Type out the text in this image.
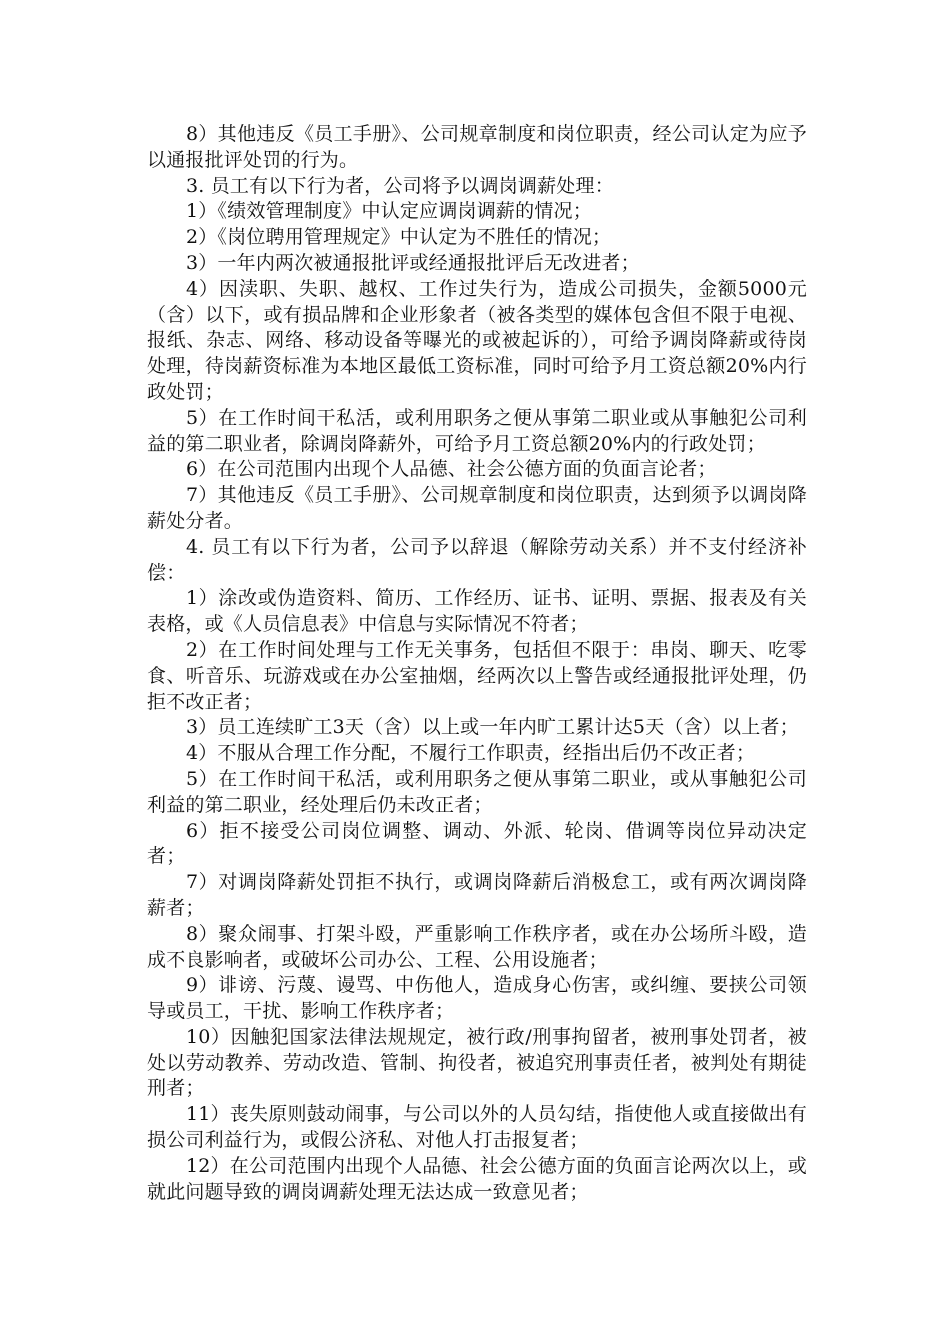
8）其他违反《员工手册》、公司规章制度和岗位职责，经公司认定为应予以通报批评处罚的行为。

3. 员工有以下行为者，公司将予以调岗调薪处理：

1）《绩效管理制度》中认定应调岗调薪的情况；

2）《岗位聘用管理规定》中认定为不胜任的情况；

3）一年内两次被通报批评或经通报批评后无改进者；

4）因渎职、失职、越权、工作过失行为，造成公司损失，金额5000元（含）以下，或有损品牌和企业形象者（被各类型的媒体包含但不限于电视、报纸、杂志、网络、移动设备等曝光的或被起诉的），可给予调岗降薪或待岗处理，待岗薪资标准为本地区最低工资标准，同时可给予月工资总额20%内行政处罚；

5）在工作时间干私活，或利用职务之便从事第二职业或从事触犯公司利益的第二职业者，除调岗降薪外，可给予月工资总额20%内的行政处罚；

6）在公司范围内出现个人品德、社会公德方面的负面言论者；

7）其他违反《员工手册》、公司规章制度和岗位职责，达到须予以调岗降薪处分者。

4. 员工有以下行为者，公司予以辞退（解除劳动关系）并不支付经济补偿：

1）涂改或伪造资料、简历、工作经历、证书、证明、票据、报表及有关表格，或《人员信息表》中信息与实际情况不符者；

2）在工作时间处理与工作无关事务，包括但不限于：串岗、聊天、吃零食、听音乐、玩游戏或在办公室抽烟，经两次以上警告或经通报批评处理，仍拒不改正者；

3）员工连续旷工3天（含）以上或一年内旷工累计达5天（含）以上者；

4）不服从合理工作分配，不履行工作职责，经指出后仍不改正者；

5）在工作时间干私活，或利用职务之便从事第二职业，或从事触犯公司利益的第二职业，经处理后仍未改正者；

6）拒不接受公司岗位调整、调动、外派、轮岗、借调等岗位异动决定者；

7）对调岗降薪处罚拒不执行，或调岗降薪后消极怠工，或有两次调岗降薪者；

8）聚众闹事、打架斗殴，严重影响工作秩序者，或在办公场所斗殴，造成不良影响者，或破坏公司办公、工程、公用设施者；

9）诽谤、污蔑、谩骂、中伤他人，造成身心伤害，或纠缠、要挟公司领导或员工，干扰、影响工作秩序者；

10）因触犯国家法律法规规定，被行政/刑事拘留者，被刑事处罚者，被处以劳动教养、劳动改造、管制、拘役者，被追究刑事责任者，被判处有期徒刑者；

11）丧失原则鼓动闹事，与公司以外的人员勾结，指使他人或直接做出有损公司利益行为，或假公济私、对他人打击报复者；

12）在公司范围内出现个人品德、社会公德方面的负面言论两次以上，或就此问题导致的调岗调薪处理无法达成一致意见者；
